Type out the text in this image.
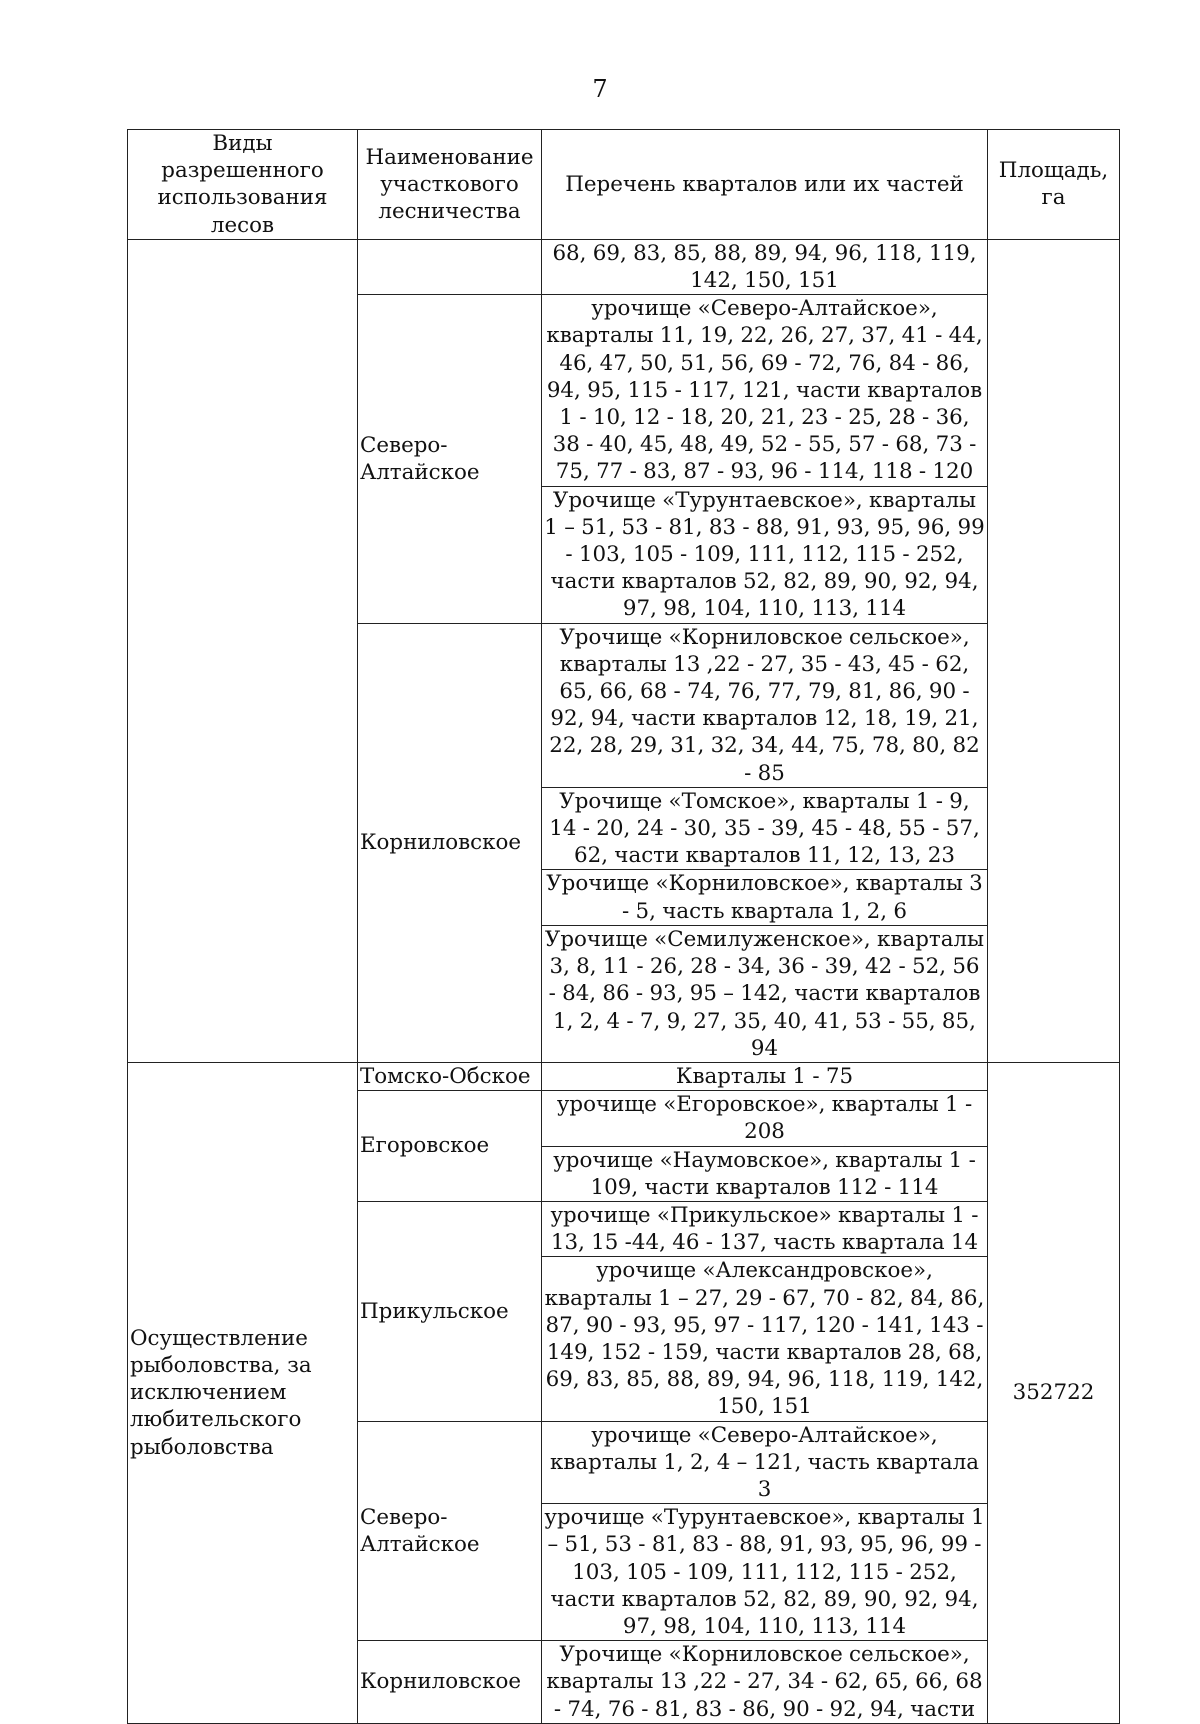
7
Виды разрешенного использования лесов	Наименование участкового лесничества	Перечень кварталов или их частей	Площадь, га
		68, 69, 83, 85, 88, 89, 94, 96, 118, 119, 142, 150, 151	
	Северо-Алтайское	урочище «Северо-Алтайское», кварталы 11, 19, 22, 26, 27, 37, 41 - 44, 46, 47, 50, 51, 56, 69 - 72, 76, 84 - 86, 94, 95, 115 - 117, 121, части кварталов 1 - 10, 12 - 18, 20, 21, 23 - 25, 28 - 36, 38 - 40, 45, 48, 49, 52 - 55, 57 - 68, 73 - 75, 77 - 83, 87 - 93, 96 - 114, 118 - 120	
		Урочище «Турунтаевское», кварталы 1 – 51, 53 - 81, 83 - 88, 91, 93, 95, 96, 99 - 103, 105 - 109, 111, 112, 115 - 252, части кварталов 52, 82, 89, 90, 92, 94, 97, 98, 104, 110, 113, 114	
	Корниловское	Урочище «Корниловское сельское», кварталы 13 ,22 - 27, 35 - 43, 45 - 62, 65, 66, 68 - 74, 76, 77, 79, 81, 86, 90 - 92, 94, части кварталов 12, 18, 19, 21, 22, 28, 29, 31, 32, 34, 44, 75, 78, 80, 82 - 85	
		Урочище «Томское», кварталы 1 - 9, 14 - 20, 24 - 30, 35 - 39, 45 - 48, 55 - 57, 62, части кварталов 11, 12, 13, 23	
		Урочище «Корниловское», кварталы 3 - 5, часть квартала 1, 2, 6	
		Урочище «Семилуженское», кварталы 3, 8, 11 - 26, 28 - 34, 36 - 39, 42 - 52, 56 - 84, 86 - 93, 95 – 142, части кварталов 1, 2, 4 - 7, 9, 27, 35, 40, 41, 53 - 55, 85, 94	
Осуществление рыболовства, за исключением любительского рыболовства	Томско-Обское	Кварталы 1 - 75	352722
	Егоровское	урочище «Егоровское», кварталы 1 - 208	
		урочище «Наумовское», кварталы 1 - 109, части кварталов 112 - 114	
	Прикульское	урочище «Прикульское» кварталы 1 - 13, 15 -44, 46 - 137, часть квартала 14	
		урочище «Александровское», кварталы 1 – 27, 29 - 67, 70 - 82, 84, 86, 87, 90 - 93, 95, 97 - 117, 120 - 141, 143 - 149, 152 - 159, части кварталов 28, 68, 69, 83, 85, 88, 89, 94, 96, 118, 119, 142, 150, 151	
	Северо-Алтайское	урочище «Северо-Алтайское», кварталы 1, 2, 4 – 121, часть квартала 3	
		урочище «Турунтаевское», кварталы 1 – 51, 53 - 81, 83 - 88, 91, 93, 95, 96, 99 - 103, 105 - 109, 111, 112, 115 - 252, части кварталов 52, 82, 89, 90, 92, 94, 97, 98, 104, 110, 113, 114	
	Корниловское	Урочище «Корниловское сельское», кварталы 13 ,22 - 27, 34 - 62, 65, 66, 68 - 74, 76 - 81, 83 - 86, 90 - 92, 94, части	
